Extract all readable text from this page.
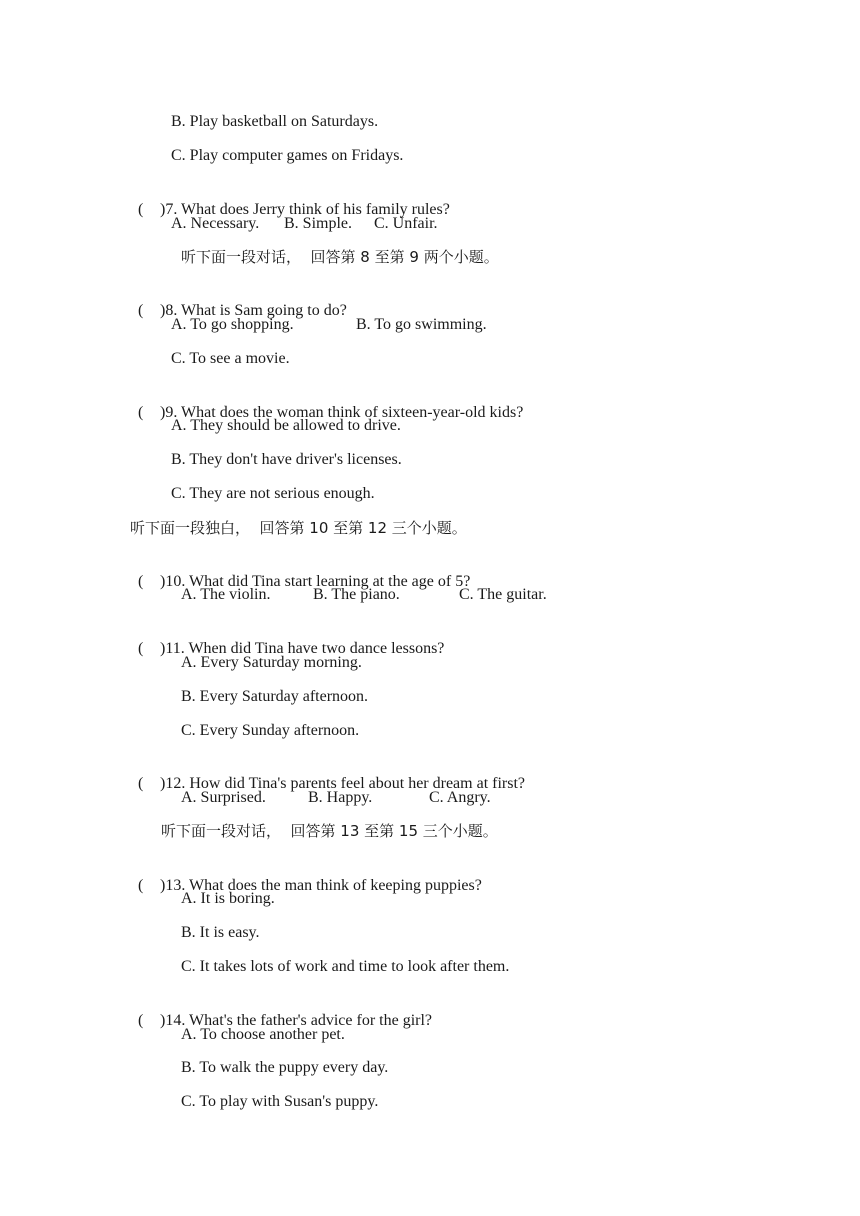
B. Play basketball on Saturdays.
C. Play computer games on Fridays.

( )7. What does Jerry think of his family rules?

A. Necessary. B. Simple. C. Unfair.
听下面一段对话，  回答第 8 至第 9 两个小题。

( )8. What is Sam going to do?

A. To go shopping.	B. To go swimming.
C. To see a movie.

( )9. What does the woman think of sixteen-year-old kids?

A. They should be allowed to drive.
B. They don't have driver's licenses.
C. They are not serious enough.
听下面一段独白，  回答第 10 至第 12 三个小题。

( )10. What did Tina start learning at the age of 5?

A. The violin.	B. The piano.	C. The guitar.

( )11. When did Tina have two dance lessons?

A. Every Saturday morning.
B. Every Saturday afternoon.
C. Every Sunday afternoon.

( )12. How did Tina's parents feel about her dream at first?

A. Surprised.	B. Happy.	C. Angry.
听下面一段对话，  回答第 13 至第 15 三个小题。

( )13. What does the man think of keeping puppies?

A. It is boring.
B. It is easy.
C. It takes lots of work and time to look after them.

( )14. What's the father's advice for the girl?

A. To choose another pet.
B. To walk the puppy every day.
C. To play with Susan's puppy.
